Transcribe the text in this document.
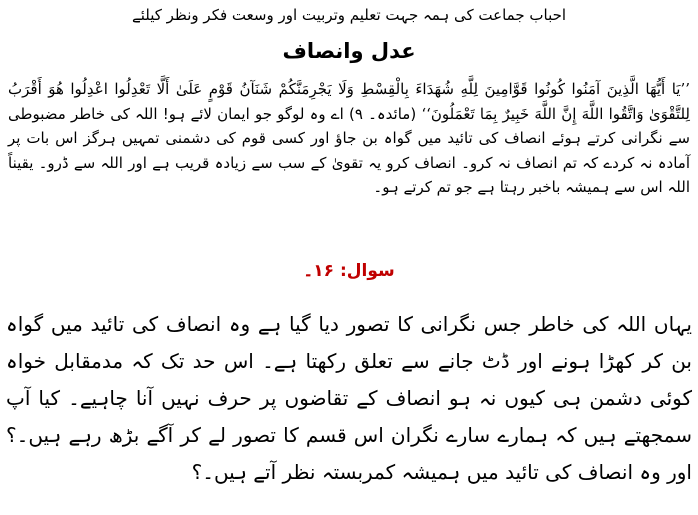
احباب جماعت کی ہمہ جہت تعلیم وتربیت اور وسعت فکر ونظر کیلئے
عدل وانصاف
’’یَا أَیُّهَا الَّذِینَ آمَنُوا کُونُوا قَوَّامِینَ لِلَّهِ شُهَدَاءَ بِالْقِسْطِ وَلَا یَجْرِمَنَّکُمْ شَنَآنُ قَوْمٍ عَلَیٰ أَلَّا تَعْدِلُوا اعْدِلُوا هُوَ أَقْرَبُ لِلتَّقْوَیٰ وَاتَّقُوا اللَّهَ إِنَّ اللَّهَ خَبِیرٌ بِمَا تَعْمَلُونَ‘‘ (مائدہ۔ ۹) اے وہ لوگو جو ایمان لائے ہو! اللہ کی خاطر مضبوطی سے نگرانی کرتے ہوئے انصاف کی تائید میں گواہ بن جاؤ اور کسی قوم کی دشمنی تمہیں ہرگز اس بات پر آمادہ نہ کردے کہ تم انصاف نہ کرو۔ انصاف کرو یہ تقویٰ کے سب سے زیادہ قریب ہے اور اللہ سے ڈرو۔ یقیناً اللہ اس سے ہمیشہ باخبر رہتا ہے جو تم کرتے ہو۔
سوال: ۱۶۔
یہاں اللہ کی خاطر جس نگرانی کا تصور دیا گیا ہے وہ انصاف کی تائید میں گواہ بن کر کھڑا ہونے اور ڈٹ جانے سے تعلق رکھتا ہے۔ اس حد تک کہ مدمقابل خواہ کوئی دشمن ہی کیوں نہ ہو انصاف کے تقاضوں پر حرف نہیں آنا چاہیے۔ کیا آپ سمجھتے ہیں کہ ہمارے سارے نگران اس قسم کا تصور لے کر آگے بڑھ رہے ہیں۔؟ اور وہ انصاف کی تائید میں ہمیشہ کمربستہ نظر آتے ہیں۔؟
